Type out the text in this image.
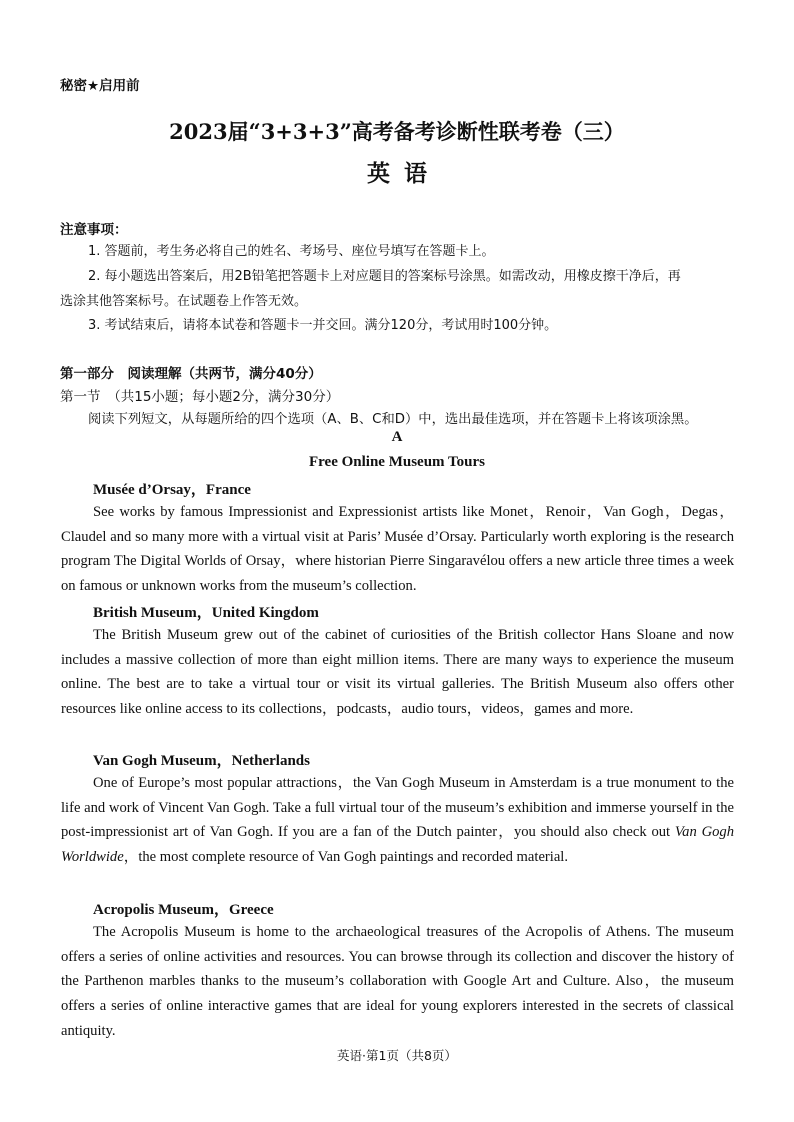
秘密★启用前
2023届“3+3+3”高考备考诊断性联考卷（三）
英语
注意事项：
1. 答题前，考生务必将自己的姓名、考场号、座位号填写在答题卡上。
2. 每小题选出答案后，用2B铅笔把答题卡上对应题目的答案标号涂黑。如需改动，用橡皮擦干净后，再
选涂其他答案标号。在试题卷上作答无效。
3. 考试结束后，请将本试卷和答题卡一并交回。满分120分，考试用时100分钟。
第一部分　阅读理解（共两节，满分40分）
第一节　（共15小题；每小题2分，满分30分）
阅读下列短文，从每题所给的四个选项（A、B、C和D）中，选出最佳选项，并在答题卡上将该项涂黑。
A
Free Online Museum Tours
Musée d’Orsay，France
See works by famous Impressionist and Expressionist artists like Monet，Renoir，Van Gogh，Degas，Claudel and so many more with a virtual visit at Paris’ Musée d’Orsay. Particularly worth exploring is the research program The Digital Worlds of Orsay，where historian Pierre Singaravélou offers a new article three times a week on famous or unknown works from the museum’s collection.
British Museum，United Kingdom
The British Museum grew out of the cabinet of curiosities of the British collector Hans Sloane and now includes a massive collection of more than eight million items. There are many ways to experience the museum online. The best are to take a virtual tour or visit its virtual galleries. The British Museum also offers other resources like online access to its collections，podcasts，audio tours，videos，games and more.
Van Gogh Museum，Netherlands
One of Europe’s most popular attractions，the Van Gogh Museum in Amsterdam is a true monument to the life and work of Vincent Van Gogh. Take a full virtual tour of the museum’s exhibition and immerse yourself in the post-impressionist art of Van Gogh. If you are a fan of the Dutch painter，you should also check out Van Gogh Worldwide，the most complete resource of Van Gogh paintings and recorded material.
Acropolis Museum，Greece
The Acropolis Museum is home to the archaeological treasures of the Acropolis of Athens. The museum offers a series of online activities and resources. You can browse through its collection and discover the history of the Parthenon marbles thanks to the museum’s collaboration with Google Art and Culture. Also，the museum offers a series of online interactive games that are ideal for young explorers interested in the secrets of classical antiquity.
英语·第1页（共8页）
